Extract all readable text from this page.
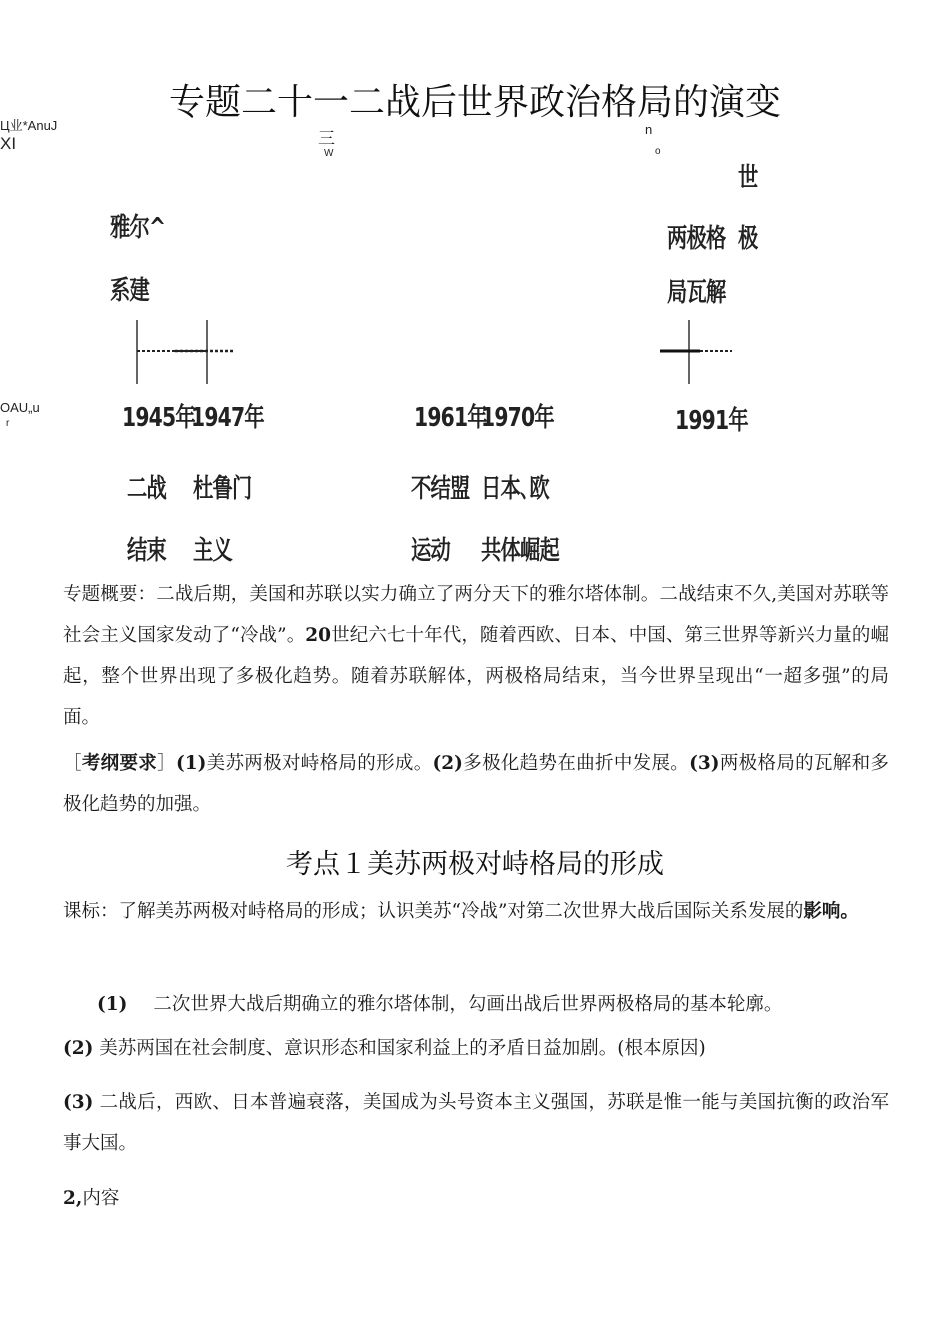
专题二十一二战后世界政治格局的演变
Ц业*AnuJ
XI
OAU„u
r
三
W
n
o
雅尔^
系建
两极格
局瓦解
世
极
1945年
1947年	1961年
1970年	1991年
二战
结束
杜鲁门
主义
不结盟
运动
日本､欧
共体崛起
专题概要：二战后期，美国和苏联以实力确立了两分天下的雅尔塔体制。二战结束不久,美国对苏联等社会主义国家发动了“冷战”。20世纪六七十年代，随着西欧、日本、中国、第三世界等新兴力量的崛起，整个世界出现了多极化趋势。随着苏联解体，两极格局结束，当今世界呈现出“一超多强”的局面。
［考纲要求］(1)美苏两极对峙格局的形成。(2)多极化趋势在曲折中发展。(3)两极格局的瓦解和多极化趋势的加强。
考点１美苏两极对峙格局的形成
课标：了解美苏两极对峙格局的形成；认识美苏“冷战”对第二次世界大战后国际关系发展的影响。
(1) 二次世界大战后期确立的雅尔塔体制，勾画出战后世界两极格局的基本轮廓。
(2) 美苏两国在社会制度、意识形态和国家利益上的矛盾日益加剧。(根本原因)
(3) 二战后，西欧、日本普遍衰落，美国成为头号资本主义强国，苏联是惟一能与美国抗衡的政治军事大国。
2,内容
